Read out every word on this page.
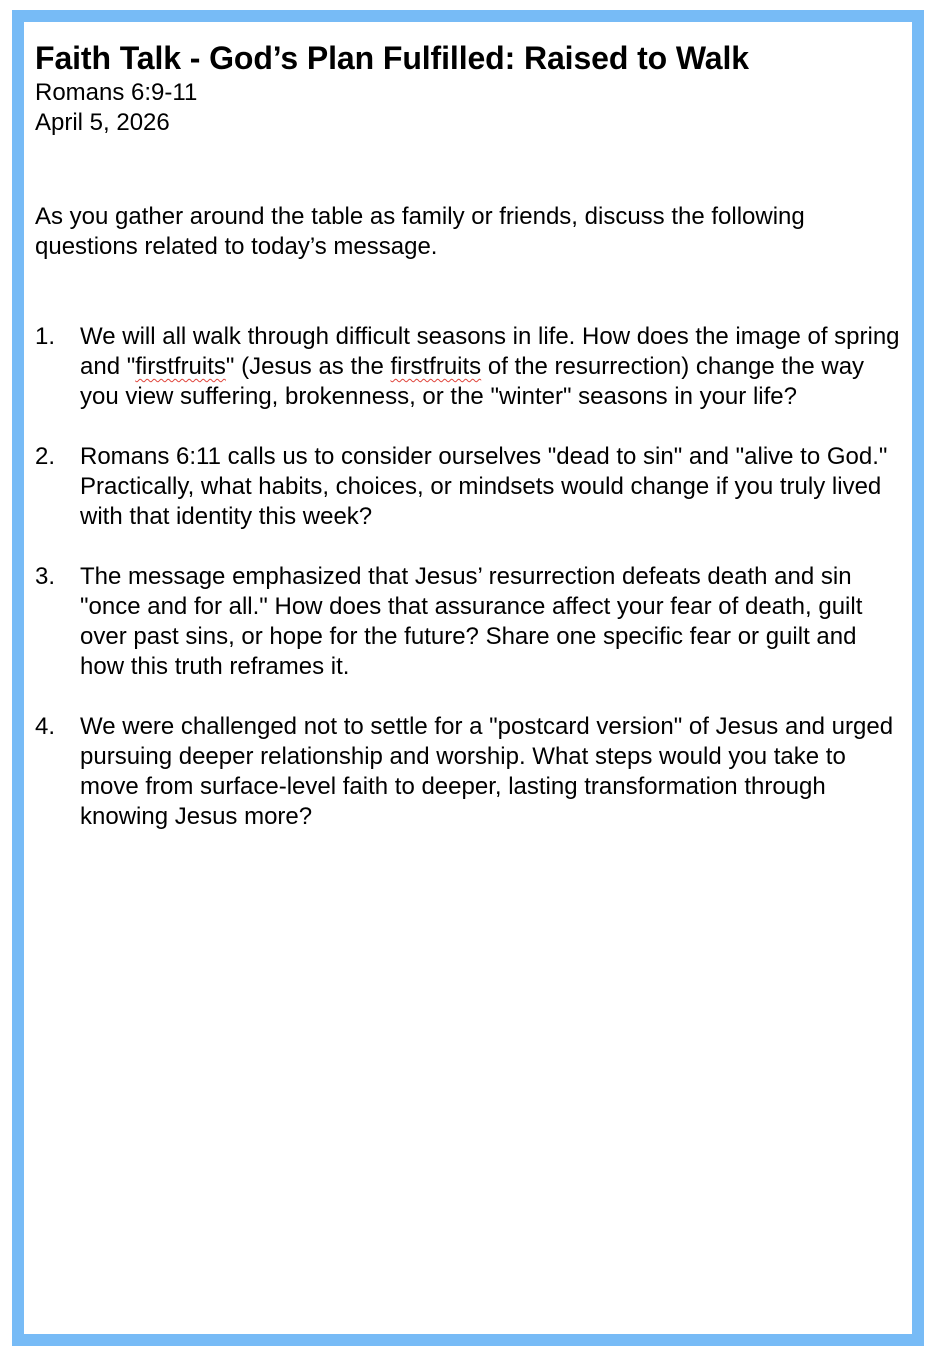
Faith Talk - God’s Plan Fulfilled: Raised to Walk

Romans 6:9-11

April 5, 2026

As you gather around the table as family or friends, discuss the following questions related to today’s message.

1. We will all walk through difficult seasons in life. How does the image of spring and "firstfruits" (Jesus as the firstfruits of the resurrection) change the way you view suffering, brokenness, or the "winter" seasons in your life?
2. Romans 6:11 calls us to consider ourselves "dead to sin" and "alive to God." Practically, what habits, choices, or mindsets would change if you truly lived with that identity this week?
3. The message emphasized that Jesus’ resurrection defeats death and sin "once and for all." How does that assurance affect your fear of death, guilt over past sins, or hope for the future? Share one specific fear or guilt and how this truth reframes it.
4. We were challenged not to settle for a "postcard version" of Jesus and urged pursuing deeper relationship and worship. What steps would you take to move from surface-level faith to deeper, lasting transformation through knowing Jesus more?
